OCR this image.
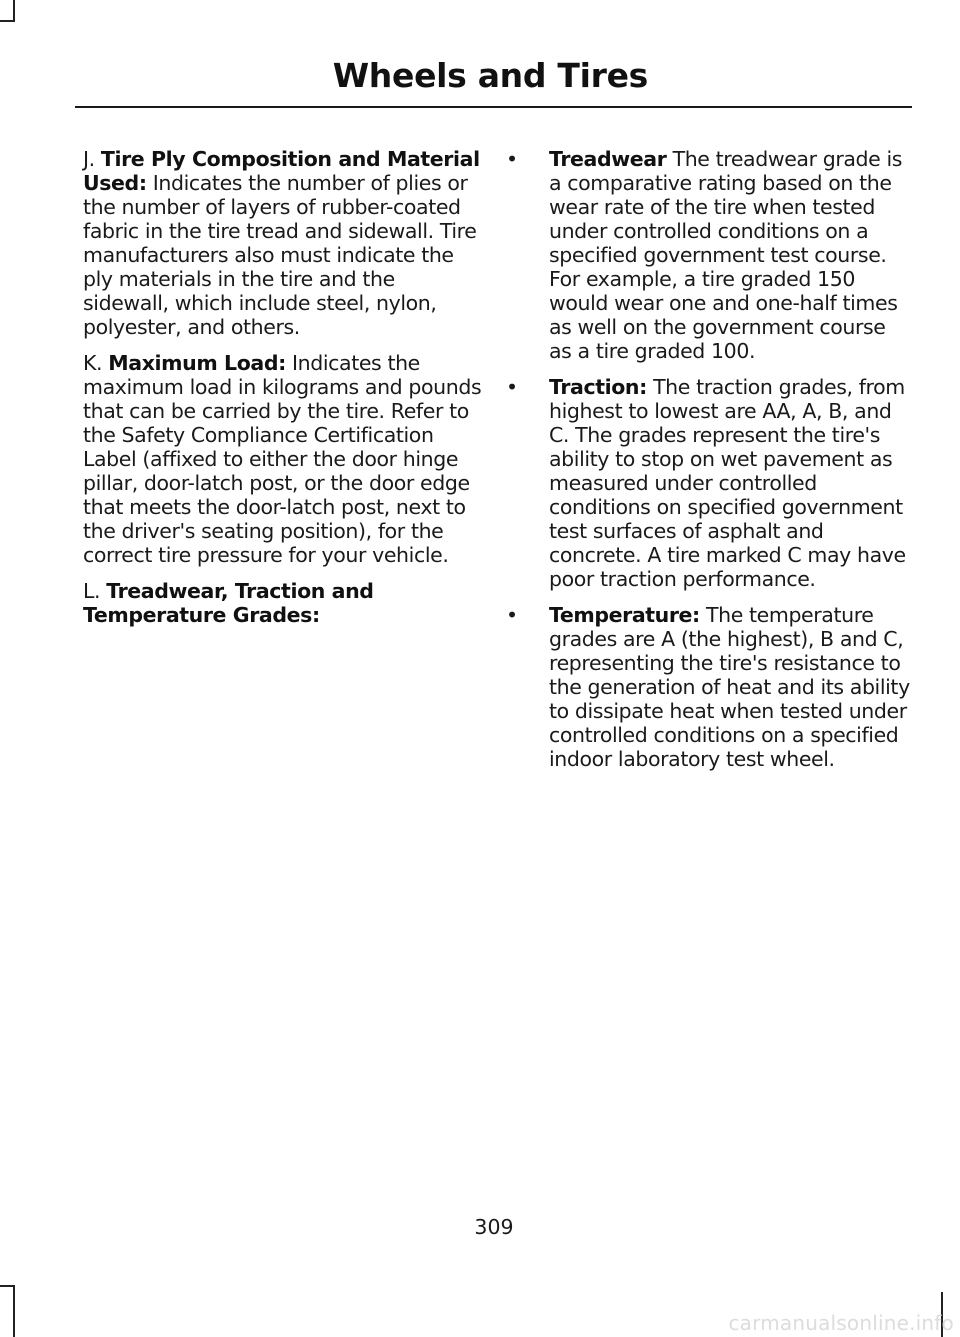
Wheels and Tires

J. Tire Ply Composition and Material Used: Indicates the number of plies or the number of layers of rubber-coated fabric in the tire tread and sidewall. Tire manufacturers also must indicate the ply materials in the tire and the sidewall, which include steel, nylon, polyester, and others.

K. Maximum Load: Indicates the maximum load in kilograms and pounds that can be carried by the tire. Refer to the Safety Compliance Certification Label (affixed to either the door hinge pillar, door-latch post, or the door edge that meets the door-latch post, next to the driver's seating position), for the correct tire pressure for your vehicle.

L. Treadwear, Traction and Temperature Grades:

•	Treadwear The treadwear grade is a comparative rating based on the wear rate of the tire when tested under controlled conditions on a specified government test course. For example, a tire graded 150 would wear one and one-half times as well on the government course as a tire graded 100.
•	Traction: The traction grades, from highest to lowest are AA, A, B, and C. The grades represent the tire's ability to stop on wet pavement as measured under controlled conditions on specified government test surfaces of asphalt and concrete. A tire marked C may have poor traction performance.
•	Temperature: The temperature grades are A (the highest), B and C, representing the tire's resistance to the generation of heat and its ability to dissipate heat when tested under controlled conditions on a specified indoor laboratory test wheel.
309
carmanualsonline.info
